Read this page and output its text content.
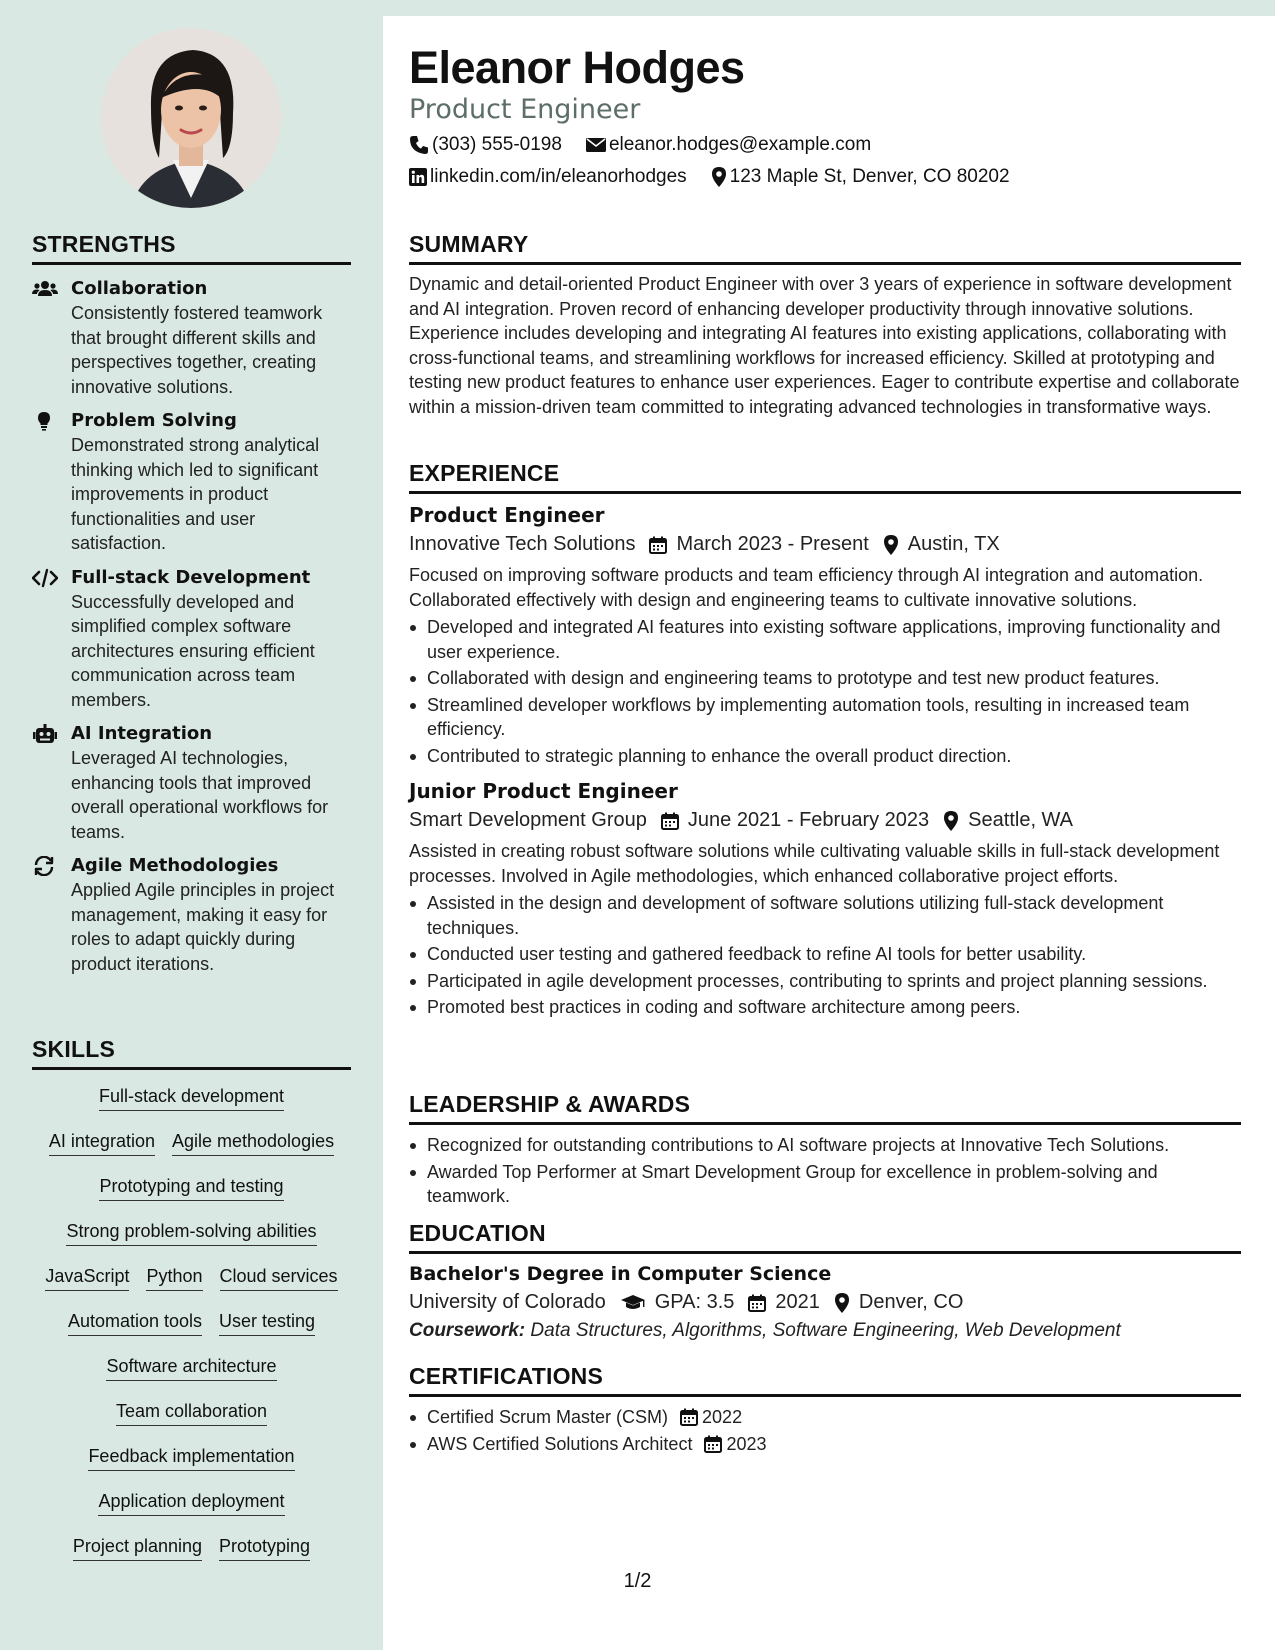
STRENGTHS
Collaboration
Consistently fostered teamwork that brought different skills and perspectives together, creating innovative solutions.
Problem Solving
Demonstrated strong analytical thinking which led to significant improvements in product functionalities and user satisfaction.
Full-stack Development
Successfully developed and simplified complex software architectures ensuring efficient communication across team members.
AI Integration
Leveraged AI technologies, enhancing tools that improved overall operational workflows for teams.
Agile Methodologies
Applied Agile principles in project management, making it easy for roles to adapt quickly during product iterations.
SKILLS
Full-stack development
AI integration Agile methodologies
Prototyping and testing
Strong problem-solving abilities
JavaScript Python Cloud services
Automation tools User testing
Software architecture
Team collaboration
Feedback implementation
Application deployment
Project planning Prototyping
Eleanor Hodges
Product Engineer
(303) 555-0198 eleanor.hodges@example.com
linkedin.com/in/eleanorhodges 123 Maple St, Denver, CO 80202
SUMMARY
Dynamic and detail-oriented Product Engineer with over 3 years of experience in software development and AI integration. Proven record of enhancing developer productivity through innovative solutions. Experience includes developing and integrating AI features into existing applications, collaborating with cross-functional teams, and streamlining workflows for increased efficiency. Skilled at prototyping and testing new product features to enhance user experiences. Eager to contribute expertise and collaborate within a mission-driven team committed to integrating advanced technologies in transformative ways.
EXPERIENCE
Product Engineer
Innovative Tech Solutions March 2023 - Present Austin, TX
Focused on improving software products and team efficiency through AI integration and automation. Collaborated effectively with design and engineering teams to cultivate innovative solutions.
Developed and integrated AI features into existing software applications, improving functionality and user experience.
Collaborated with design and engineering teams to prototype and test new product features.
Streamlined developer workflows by implementing automation tools, resulting in increased team efficiency.
Contributed to strategic planning to enhance the overall product direction.
Junior Product Engineer
Smart Development Group June 2021 - February 2023 Seattle, WA
Assisted in creating robust software solutions while cultivating valuable skills in full-stack development processes. Involved in Agile methodologies, which enhanced collaborative project efforts.
Assisted in the design and development of software solutions utilizing full-stack development techniques.
Conducted user testing and gathered feedback to refine AI tools for better usability.
Participated in agile development processes, contributing to sprints and project planning sessions.
Promoted best practices in coding and software architecture among peers.
LEADERSHIP & AWARDS
Recognized for outstanding contributions to AI software projects at Innovative Tech Solutions.
Awarded Top Performer at Smart Development Group for excellence in problem-solving and teamwork.
EDUCATION
Bachelor's Degree in Computer Science
University of Colorado GPA: 3.5 2021 Denver, CO
Coursework: Data Structures, Algorithms, Software Engineering, Web Development
CERTIFICATIONS
Certified Scrum Master (CSM) 2022
AWS Certified Solutions Architect 2023
1/2
